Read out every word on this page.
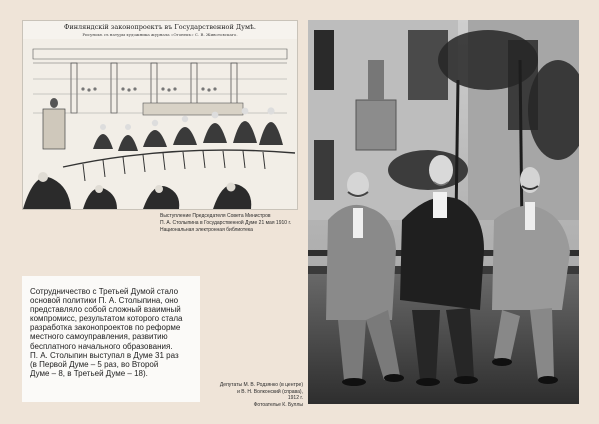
Финляндскій законопроектъ въ Государственной Думѣ.
Рисунокъ съ натуры художника журнала «Огонекъ» С. В. Животовскаго.
Выступление Председателя Совета Министров
П. А. Столыпина в Государственной Думе 21 мая 1910 г.
Национальная электронная библиотека
Сотрудничество с Третьей Думой стало
основой политики П. А. Столыпина, оно
представляло собой сложный взаимный
компромисс, результатом которого стала
разработка законопроектов по реформе
местного самоуправления, развитию
бесплатного начального образования.
П. А. Столыпин выступал в Думе 31 раз
(в Первой Думе – 5 раз, во Второй
Думе – 8, в Третьей Думе – 18).
Депутаты М. В. Родзянко (в центре)
и В. Н. Волконский (справа),
1912 г.
Фотоателье К. Буллы
